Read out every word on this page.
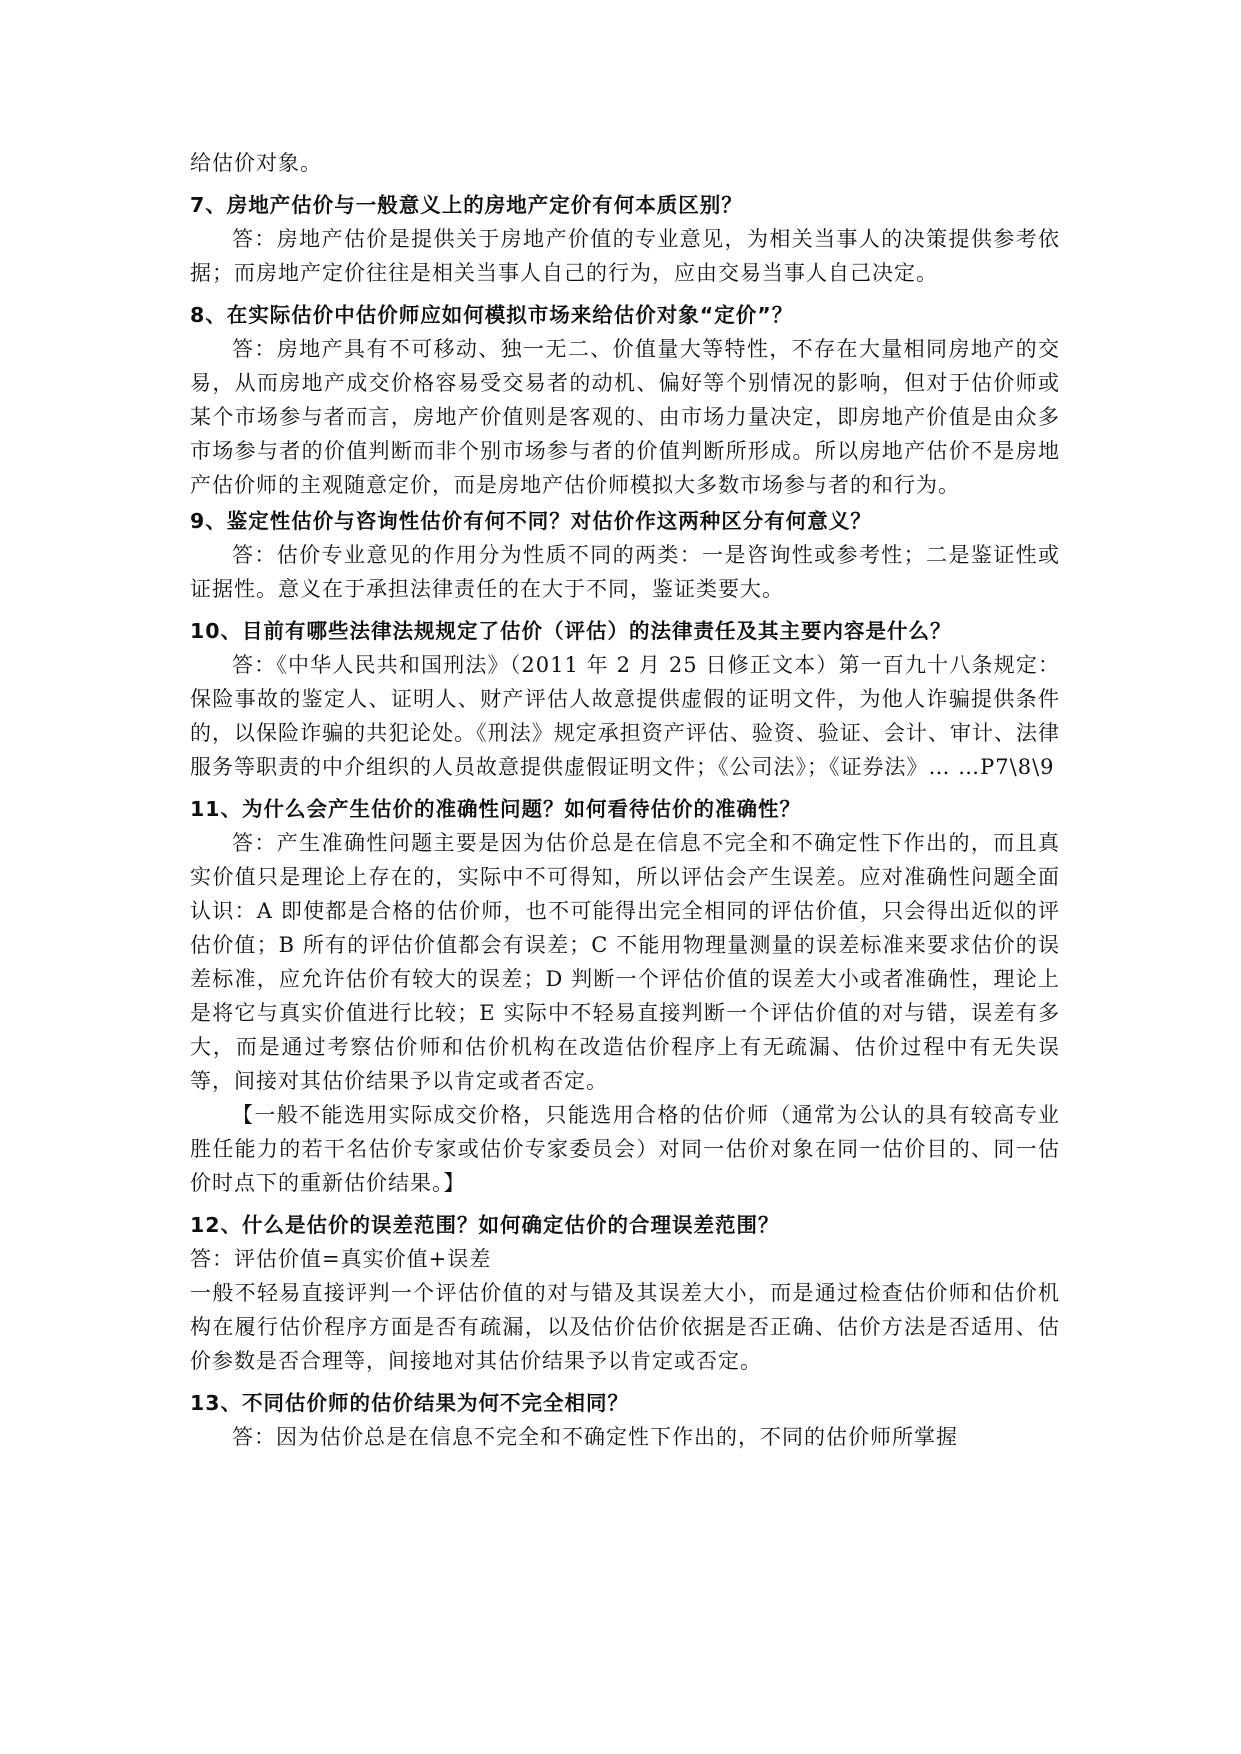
给估价对象。

7、房地产估价与一般意义上的房地产定价有何本质区别？

答：房地产估价是提供关于房地产价值的专业意见，为相关当事人的决策提供参考依据；而房地产定价往往是相关当事人自己的行为，应由交易当事人自己决定。

8、在实际估价中估价师应如何模拟市场来给估价对象“定价”？

答：房地产具有不可移动、独一无二、价值量大等特性，不存在大量相同房地产的交易，从而房地产成交价格容易受交易者的动机、偏好等个别情况的影响，但对于估价师或某个市场参与者而言，房地产价值则是客观的、由市场力量决定，即房地产价值是由众多市场参与者的价值判断而非个别市场参与者的价值判断所形成。所以房地产估价不是房地产估价师的主观随意定价，而是房地产估价师模拟大多数市场参与者的和行为。

9、鉴定性估价与咨询性估价有何不同？对估价作这两种区分有何意义？

答：估价专业意见的作用分为性质不同的两类：一是咨询性或参考性；二是鉴证性或证据性。意义在于承担法律责任的在大于不同，鉴证类要大。

10、目前有哪些法律法规规定了估价（评估）的法律责任及其主要内容是什么？

答：《中华人民共和国刑法》（2011 年 2 月 25 日修正文本）第一百九十八条规定：保险事故的鉴定人、证明人、财产评估人故意提供虚假的证明文件，为他人诈骗提供条件的，以保险诈骗的共犯论处。《刑法》规定承担资产评估、验资、验证、会计、审计、法律服务等职责的中介组织的人员故意提供虚假证明文件；《公司法》；《证券法》… …P7\8\9

11、为什么会产生估价的准确性问题？如何看待估价的准确性？

答：产生准确性问题主要是因为估价总是在信息不完全和不确定性下作出的，而且真实价值只是理论上存在的，实际中不可得知，所以评估会产生误差。应对准确性问题全面认识：A 即使都是合格的估价师，也不可能得出完全相同的评估价值，只会得出近似的评估价值；B 所有的评估价值都会有误差；C 不能用物理量测量的误差标准来要求估价的误差标准，应允许估价有较大的误差；D 判断一个评估价值的误差大小或者准确性，理论上是将它与真实价值进行比较；E 实际中不轻易直接判断一个评估价值的对与错，误差有多大，而是通过考察估价师和估价机构在改造估价程序上有无疏漏、估价过程中有无失误等，间接对其估价结果予以肯定或者否定。

【一般不能选用实际成交价格，只能选用合格的估价师（通常为公认的具有较高专业胜任能力的若干名估价专家或估价专家委员会）对同一估价对象在同一估价目的、同一估价时点下的重新估价结果。】

12、什么是估价的误差范围？如何确定估价的合理误差范围？

答：评估价值=真实价值+误差

一般不轻易直接评判一个评估价值的对与错及其误差大小，而是通过检查估价师和估价机构在履行估价程序方面是否有疏漏，以及估价估价依据是否正确、估价方法是否适用、估价参数是否合理等，间接地对其估价结果予以肯定或否定。

13、不同估价师的估价结果为何不完全相同？

答：因为估价总是在信息不完全和不确定性下作出的，不同的估价师所掌握
